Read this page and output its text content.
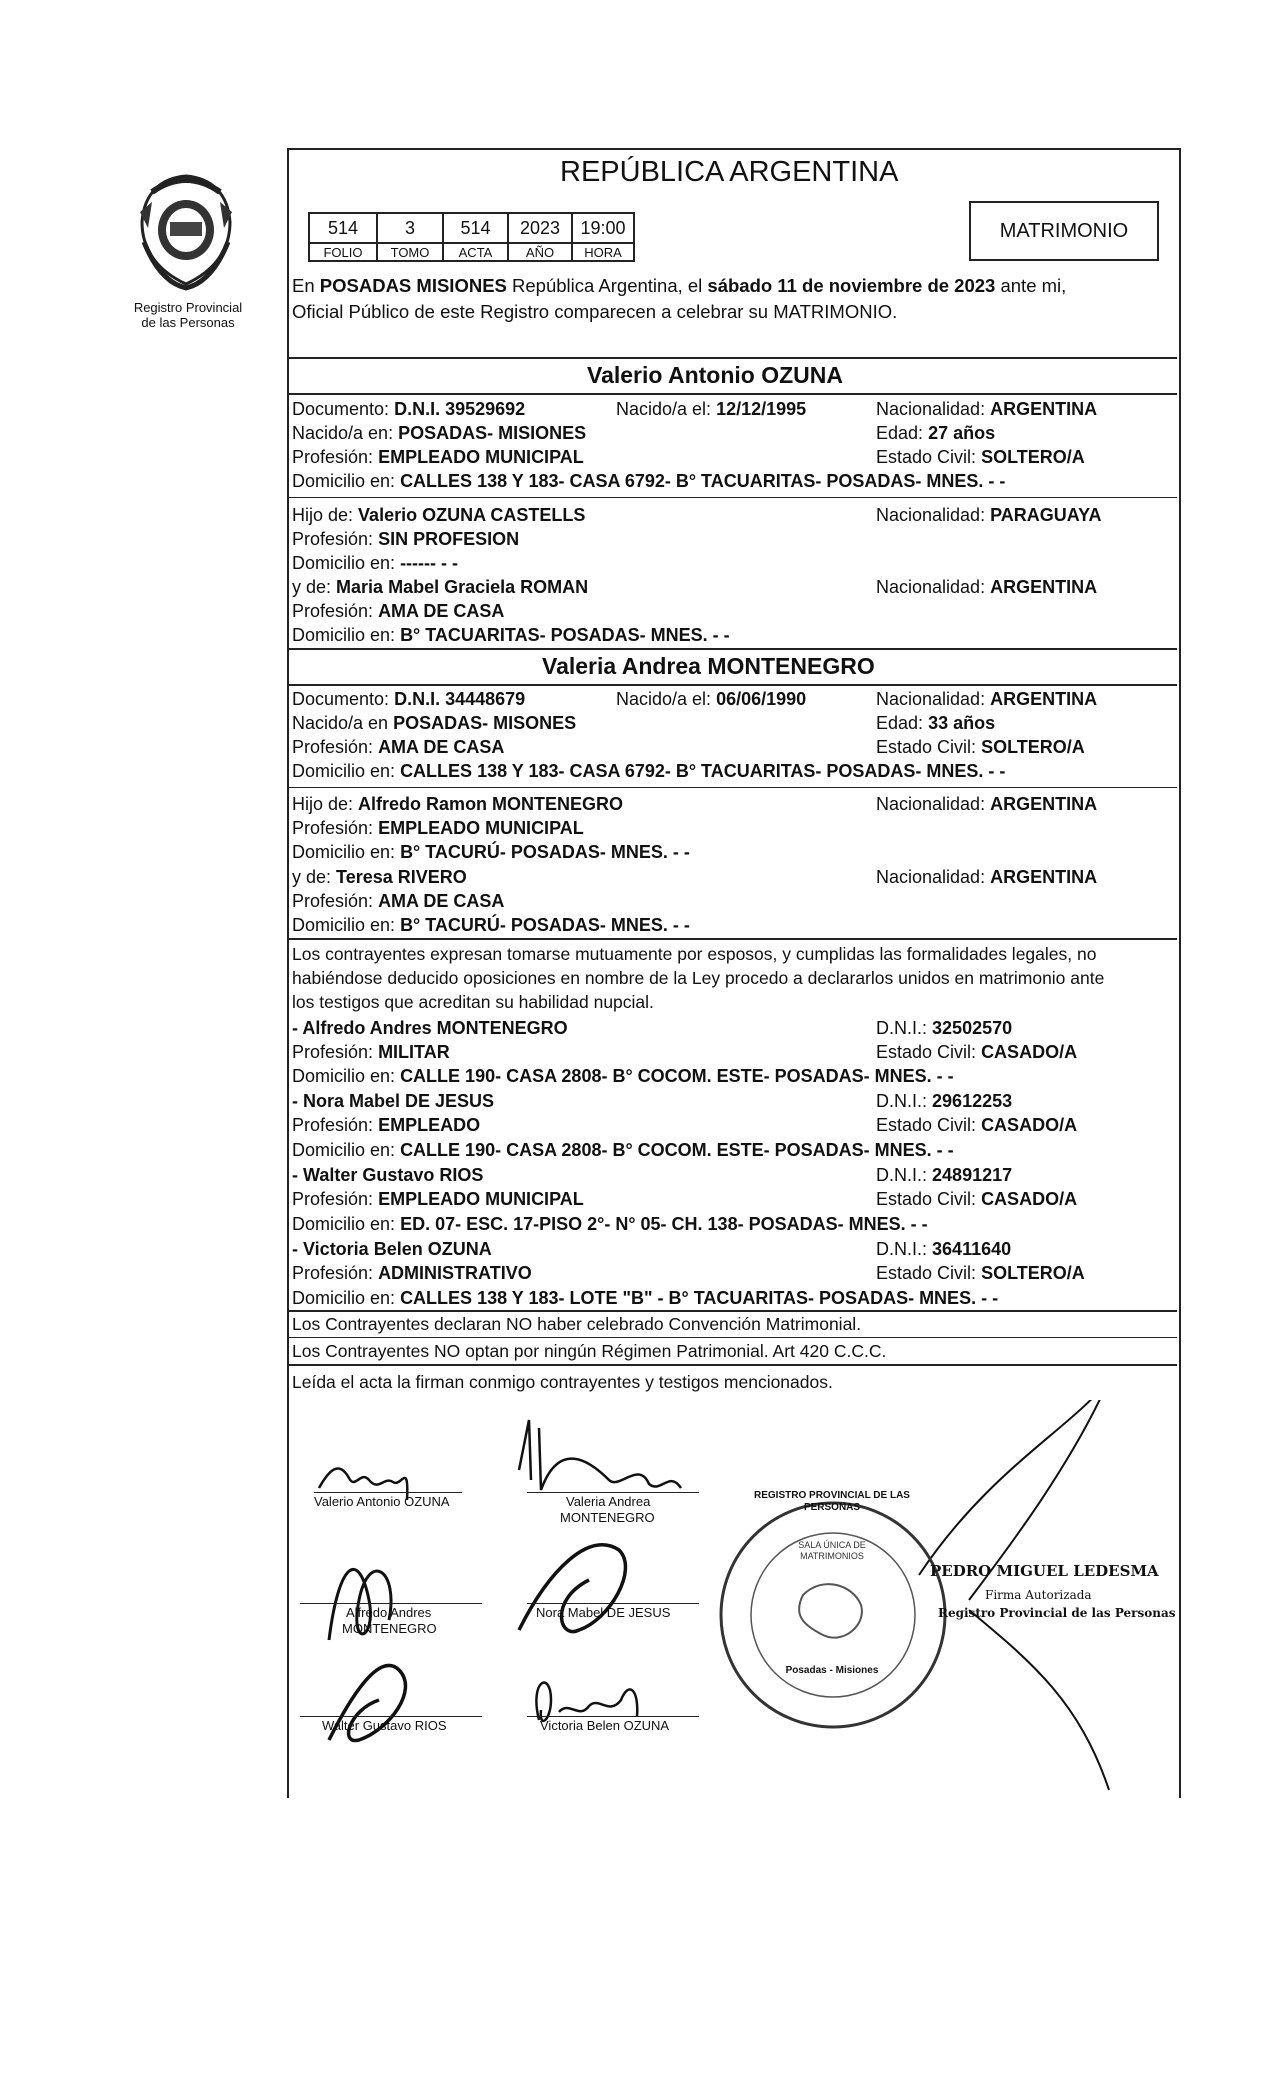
Registro Provincial
de las Personas
REPÚBLICA ARGENTINA
514	3	514	2023	19:00
FOLIO	TOMO	ACTA	AÑO	HORA
MATRIMONIO
En POSADAS MISIONES República Argentina, el sábado 11 de noviembre de 2023 ante mi,
Oficial Público de este Registro comparecen a celebrar su MATRIMONIO.
Valerio Antonio OZUNA
Documento: D.N.I. 39529692	Nacido/a el: 12/12/1995	Nacionalidad: ARGENTINA
Nacido/a en: POSADAS- MISIONES	Edad: 27 años
Profesión: EMPLEADO MUNICIPAL	Estado Civil: SOLTERO/A
Domicilio en: CALLES 138 Y 183- CASA 6792- B° TACUARITAS- POSADAS- MNES. - -
Hijo de: Valerio OZUNA CASTELLS	Nacionalidad: PARAGUAYA
Profesión: SIN PROFESION
Domicilio en: ------ - -
y de: Maria Mabel Graciela ROMAN	Nacionalidad: ARGENTINA
Profesión: AMA DE CASA
Domicilio en: B° TACUARITAS- POSADAS- MNES. - -
Valeria Andrea MONTENEGRO
Documento: D.N.I. 34448679	Nacido/a el: 06/06/1990	Nacionalidad: ARGENTINA
Nacido/a en POSADAS- MISONES	Edad: 33 años
Profesión: AMA DE CASA	Estado Civil: SOLTERO/A
Domicilio en: CALLES 138 Y 183- CASA 6792- B° TACUARITAS- POSADAS- MNES. - -
Hijo de: Alfredo Ramon MONTENEGRO	Nacionalidad: ARGENTINA
Profesión: EMPLEADO MUNICIPAL
Domicilio en: B° TACURÚ- POSADAS- MNES. - -
y de: Teresa RIVERO	Nacionalidad: ARGENTINA
Profesión: AMA DE CASA
Domicilio en: B° TACURÚ- POSADAS- MNES. - -
Los contrayentes expresan tomarse mutuamente por esposos, y cumplidas las formalidades legales, no
habiéndose deducido oposiciones en nombre de la Ley procedo a declararlos unidos en matrimonio ante
los testigos que acreditan su habilidad nupcial.
- Alfredo Andres MONTENEGRO	D.N.I.: 32502570
Profesión: MILITAR	Estado Civil: CASADO/A
Domicilio en: CALLE 190- CASA 2808- B° COCOM. ESTE- POSADAS- MNES. - -
- Nora Mabel DE JESUS	D.N.I.: 29612253
Profesión: EMPLEADO	Estado Civil: CASADO/A
Domicilio en: CALLE 190- CASA 2808- B° COCOM. ESTE- POSADAS- MNES. - -
- Walter Gustavo RIOS	D.N.I.: 24891217
Profesión: EMPLEADO MUNICIPAL	Estado Civil: CASADO/A
Domicilio en: ED. 07- ESC. 17-PISO 2°- N° 05- CH. 138- POSADAS- MNES. - -
- Victoria Belen OZUNA	D.N.I.: 36411640
Profesión: ADMINISTRATIVO	Estado Civil: SOLTERO/A
Domicilio en: CALLES 138 Y 183- LOTE "B" - B° TACUARITAS- POSADAS- MNES. - -
Los Contrayentes declaran NO haber celebrado Convención Matrimonial.
Los Contrayentes NO optan por ningún Régimen Patrimonial. Art 420 C.C.C.
Leída el acta la firman conmigo contrayentes y testigos mencionados.
Valerio Antonio OZUNA	Valeria Andrea
MONTENEGRO
Alfredo Andres
MONTENEGRO
Nora Mabel DE JESUS
Walter Gustavo RIOS	Victoria Belen OZUNA
PEDRO MIGUEL LEDESMA
Firma Autorizada
Registro Provincial de las Personas
REGISTRO PROVINCIAL DE LAS PERSONAS
SALA ÚNICA DE MATRIMONIOS
Posadas - Misiones
